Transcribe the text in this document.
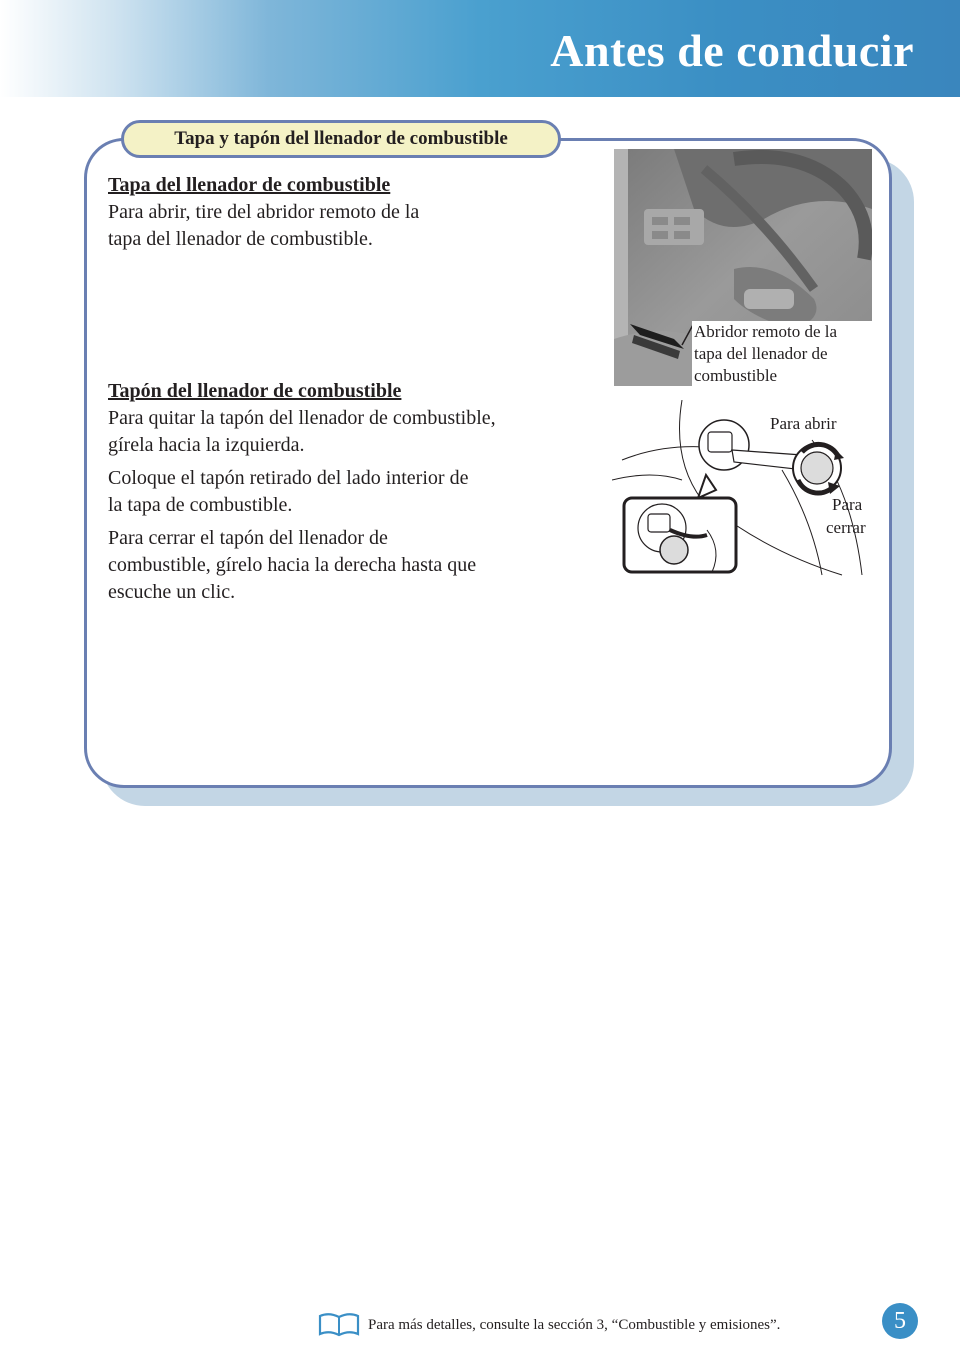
Antes de conducir
Tapa y tapón del llenador de combustible
Tapa del llenador de combustible
Para abrir, tire del abridor remoto de la
tapa del llenador de combustible.
Tapón del llenador de combustible

Para quitar la tapón del llenador de combustible,
gírela hacia la izquierda.

Coloque el tapón retirado del lado interior de
la tapa de combustible.

Para cerrar el tapón del llenador de
combustible, gírelo hacia la derecha hasta que
escuche un clic.

Abridor remoto de la
tapa del llenador de
combustible
Para abrir
Para
cerrar
Para más detalles, consulte la sección 3, “Combustible y emisiones”.	5
